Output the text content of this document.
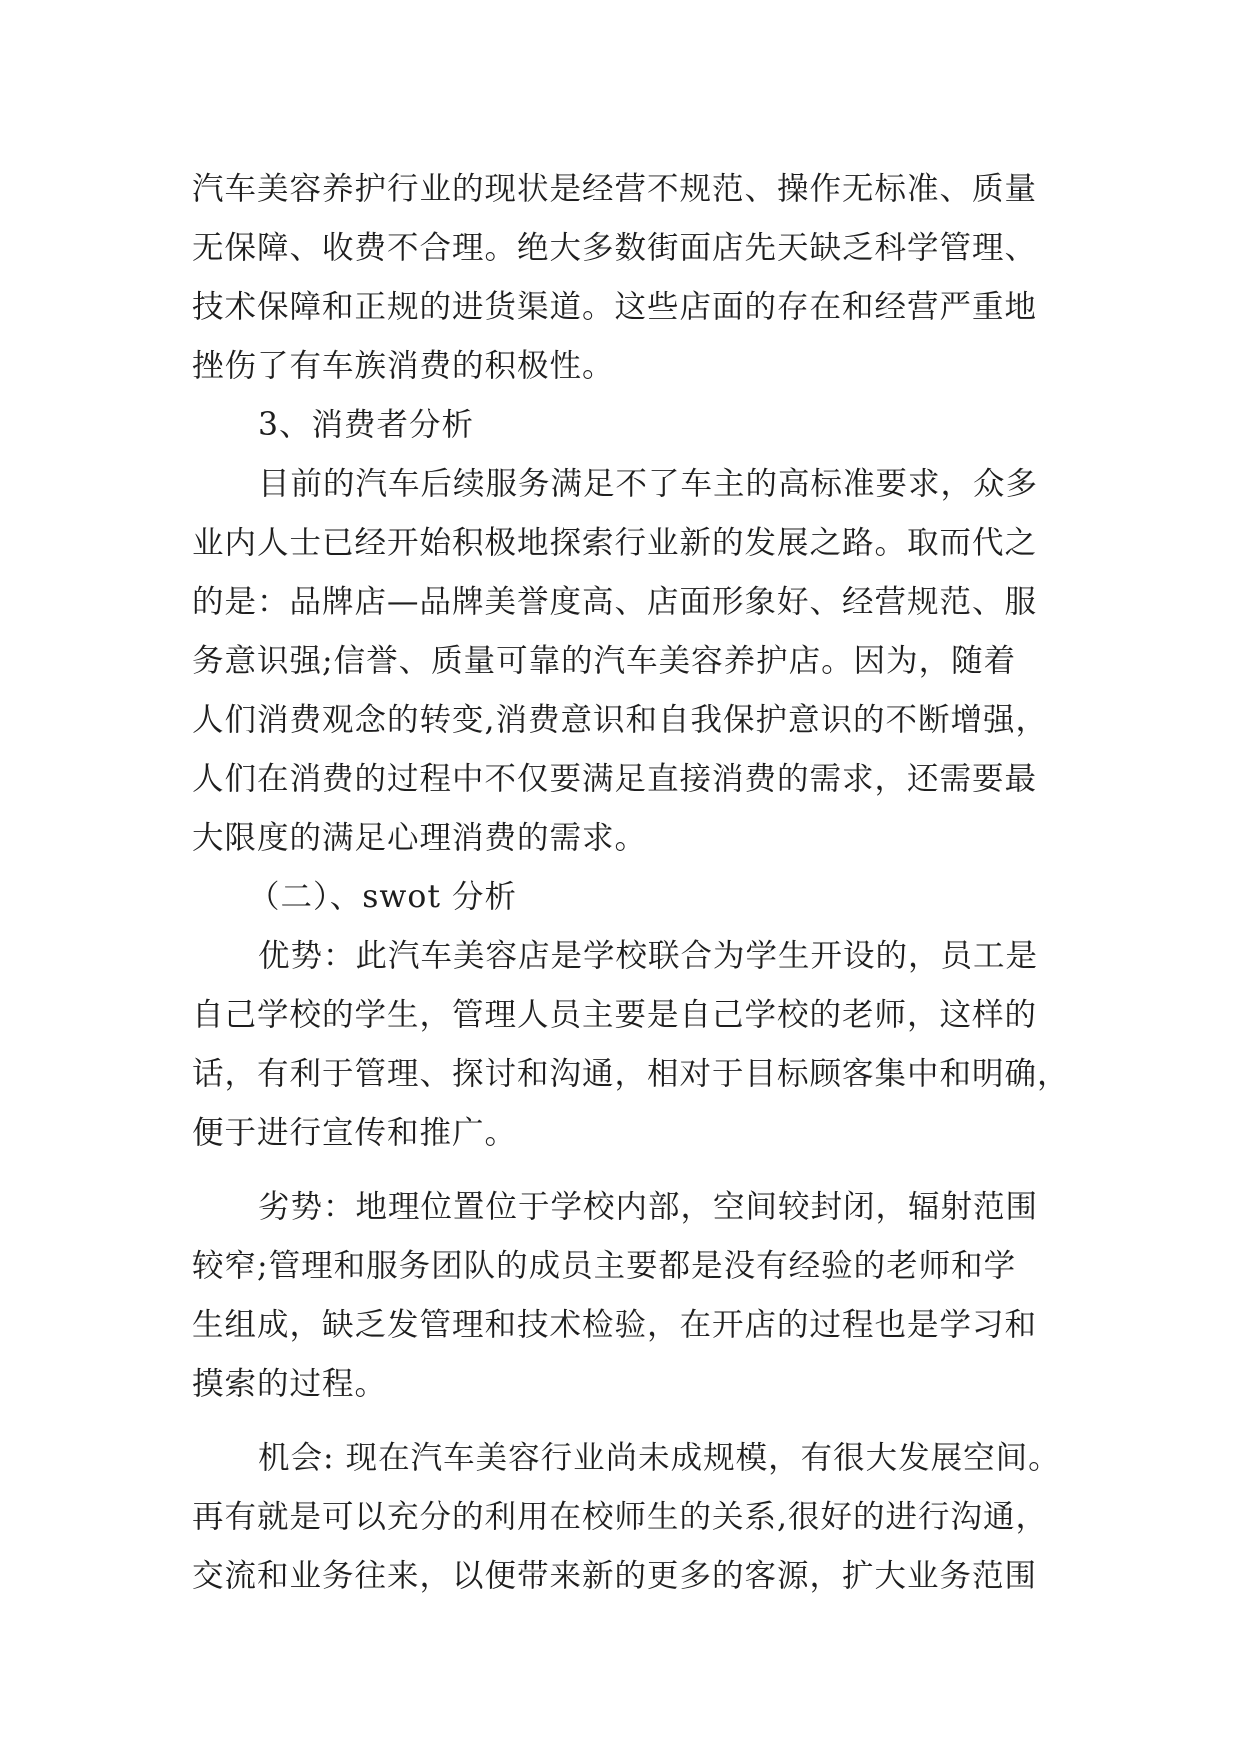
汽车美容养护行业的现状是经营不规范、操作无标准、质量
无保障、收费不合理。绝大多数街面店先天缺乏科学管理、
技术保障和正规的进货渠道。这些店面的存在和经营严重地
挫伤了有车族消费的积极性。
3、消费者分析
目前的汽车后续服务满足不了车主的高标准要求，众多
业内人士已经开始积极地探索行业新的发展之路。取而代之
的是：品牌店—品牌美誉度高、店面形象好、经营规范、服
务意识强;信誉、质量可靠的汽车美容养护店。因为，随着
人们消费观念的转变,消费意识和自我保护意识的不断增强，
人们在消费的过程中不仅要满足直接消费的需求，还需要最
大限度的满足心理消费的需求。
（二）、swot 分析
优势：此汽车美容店是学校联合为学生开设的，员工是
自己学校的学生，管理人员主要是自己学校的老师，这样的
话，有利于管理、探讨和沟通，相对于目标顾客集中和明确，
便于进行宣传和推广。
劣势：地理位置位于学校内部，空间较封闭，辐射范围
较窄;管理和服务团队的成员主要都是没有经验的老师和学
生组成，缺乏发管理和技术检验，在开店的过程也是学习和
摸索的过程。
机会: 现在汽车美容行业尚未成规模，有很大发展空间。
再有就是可以充分的利用在校师生的关系,很好的进行沟通，
交流和业务往来，以便带来新的更多的客源，扩大业务范围
